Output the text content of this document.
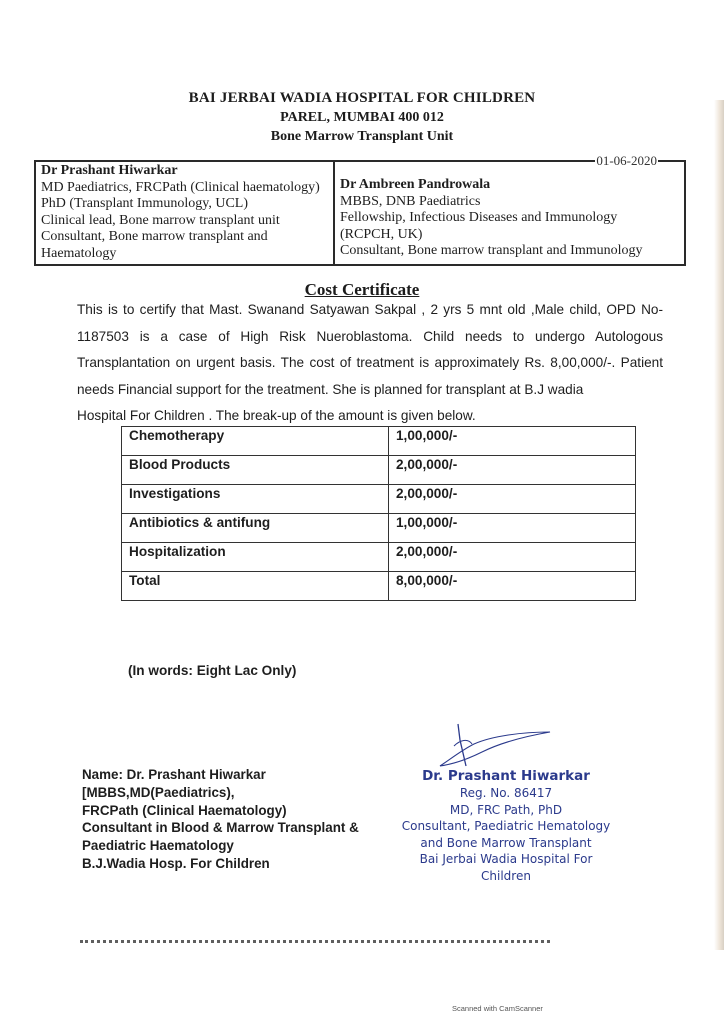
BAI JERBAI WADIA HOSPITAL FOR CHILDREN
PAREL, MUMBAI 400 012
Bone Marrow Transplant Unit
Dr Prashant Hiwarkar
MD Paediatrics, FRCPath (Clinical haematology)
PhD (Transplant Immunology, UCL)
Clinical lead, Bone marrow transplant unit
Consultant, Bone marrow transplant and
Haematology
01-06-2020
Dr Ambreen Pandrowala
MBBS, DNB Paediatrics
Fellowship, Infectious Diseases and Immunology
(RCPCH, UK)
Consultant, Bone marrow transplant and Immunology
Cost Certificate
This is to certify that Mast. Swanand Satyawan Sakpal , 2 yrs 5 mnt old ,Male child, OPD No-1187503 is a case of High Risk Nueroblastoma. Child needs to undergo Autologous Transplantation on urgent basis. The cost of treatment is approximately Rs. 8,00,000/-. Patient needs Financial support for the treatment. She is planned for transplant at B.J wadia
Hospital For Children . The break-up of the amount is given below.
Chemotherapy	1,00,000/-
Blood Products	2,00,000/-
Investigations	2,00,000/-
Antibiotics & antifung	1,00,000/-
Hospitalization	2,00,000/-
Total	8,00,000/-
(In words: Eight Lac Only)
Name: Dr. Prashant Hiwarkar
[MBBS,MD(Paediatrics),
FRCPath (Clinical Haematology)
Consultant in Blood & Marrow Transplant &
Paediatric Haematology
B.J.Wadia Hosp. For Children
Dr. Prashant Hiwarkar
Reg. No. 86417
MD, FRC Path, PhD
Consultant, Paediatric Hematology
and Bone Marrow Transplant
Bai Jerbai Wadia Hospital For Children
Scanned with CamScanner
